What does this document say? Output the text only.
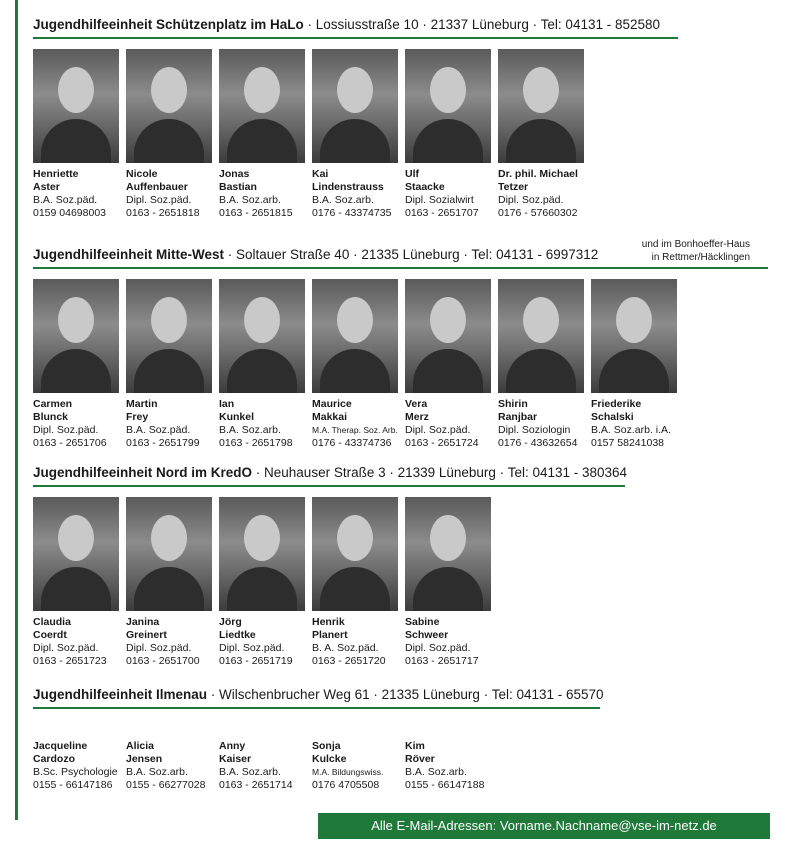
Jugendhilfeeinheit Schützenplatz im HaLo · Lossiusstraße 10 · 21337 Lüneburg · Tel: 04131 - 852580
Henriette
Aster
B.A. Soz.päd.
0159 04698003
Nicole
Auffenbauer
Dipl. Soz.päd.
0163 - 2651818
Jonas
Bastian
B.A. Soz.arb.
0163 - 2651815
Kai
Lindenstrauss
B.A. Soz.arb.
0176 - 43374735
Ulf
Staacke
Dipl. Sozialwirt
0163 - 2651707
Dr. phil. Michael
Tetzer
Dipl. Soz.päd.
0176 - 57660302
Jugendhilfeeinheit Mitte-West · Soltauer Straße 40 · 21335 Lüneburg · Tel: 04131 - 6997312
und im Bonhoeffer-Haus
in Rettmer/Häcklingen
Carmen
Blunck
Dipl. Soz.päd.
0163 - 2651706
Martin
Frey
B.A. Soz.päd.
0163 - 2651799
Ian
Kunkel
B.A. Soz.arb.
0163 - 2651798
Maurice
Makkai
M.A. Therap. Soz. Arb.
0176 - 43374736
Vera
Merz
Dipl. Soz.päd.
0163 - 2651724
Shirin
Ranjbar
Dipl. Soziologin
0176 - 43632654
Friederike
Schalski
B.A. Soz.arb. i.A.
0157 58241038
Jugendhilfeeinheit Nord im KredO · Neuhauser Straße 3 · 21339 Lüneburg · Tel: 04131 - 380364
Claudia
Coerdt
Dipl. Soz.päd.
0163 - 2651723
Janina
Greinert
Dipl. Soz.päd.
0163 - 2651700
Jörg
Liedtke
Dipl. Soz.päd.
0163 - 2651719
Henrik
Planert
B. A. Soz.päd.
0163 - 2651720
Sabine
Schweer
Dipl. Soz.päd.
0163 - 2651717
Jugendhilfeeinheit Ilmenau · Wilschenbrucher Weg 61 · 21335 Lüneburg · Tel: 04131 - 65570
Jacqueline
Cardozo
B.Sc. Psychologie
0155 - 66147186
Alicia
Jensen
B.A. Soz.arb.
0155 - 66277028
Anny
Kaiser
B.A. Soz.arb.
0163 - 2651714
Sonja
Kulcke
M.A. Bildungswiss.
0176 4705508
Kim
Röver
B.A. Soz.arb.
0155 - 66147188
Alle E-Mail-Adressen: Vorname.Nachname@vse-im-netz.de
